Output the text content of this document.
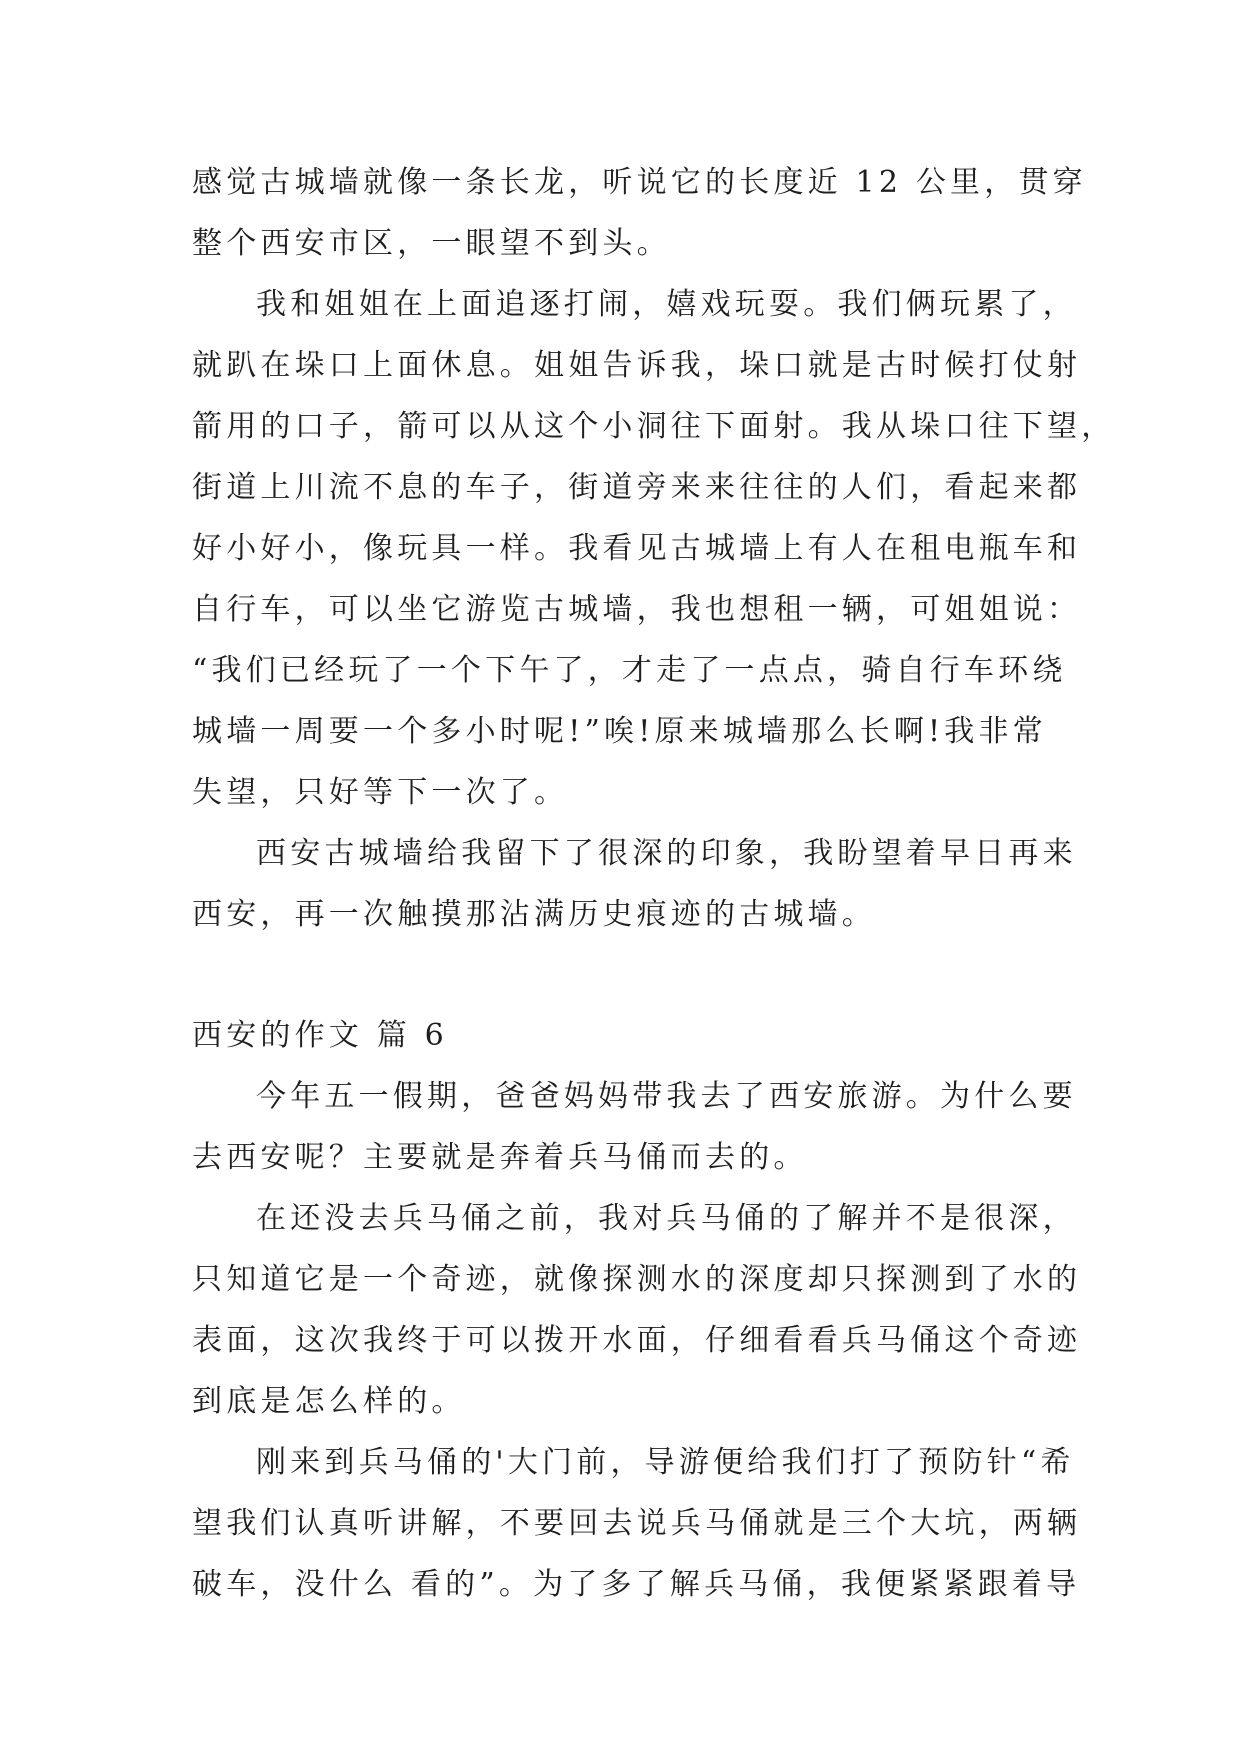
感觉古城墙就像一条长龙，听说它的长度近 12 公里，贯穿
整个西安市区，一眼望不到头。
我和姐姐在上面追逐打闹，嬉戏玩耍。我们俩玩累了，
就趴在垛口上面休息。姐姐告诉我，垛口就是古时候打仗射
箭用的口子，箭可以从这个小洞往下面射。我从垛口往下望，
街道上川流不息的车子，街道旁来来往往的人们，看起来都
好小好小，像玩具一样。我看见古城墙上有人在租电瓶车和
自行车，可以坐它游览古城墙，我也想租一辆，可姐姐说：
“我们已经玩了一个下午了，才走了一点点，骑自行车环绕
城墙一周要一个多小时呢!”唉!原来城墙那么长啊!我非常
失望，只好等下一次了。
西安古城墙给我留下了很深的印象，我盼望着早日再来
西安，再一次触摸那沾满历史痕迹的古城墙。
西安的作文 篇 6
今年五一假期，爸爸妈妈带我去了西安旅游。为什么要
去西安呢？主要就是奔着兵马俑而去的。
在还没去兵马俑之前，我对兵马俑的了解并不是很深，
只知道它是一个奇迹，就像探测水的深度却只探测到了水的
表面，这次我终于可以拨开水面，仔细看看兵马俑这个奇迹
到底是怎么样的。
刚来到兵马俑的'大门前，导游便给我们打了预防针“希
望我们认真听讲解，不要回去说兵马俑就是三个大坑，两辆
破车，没什么 看的”。为了多了解兵马俑，我便紧紧跟着导
